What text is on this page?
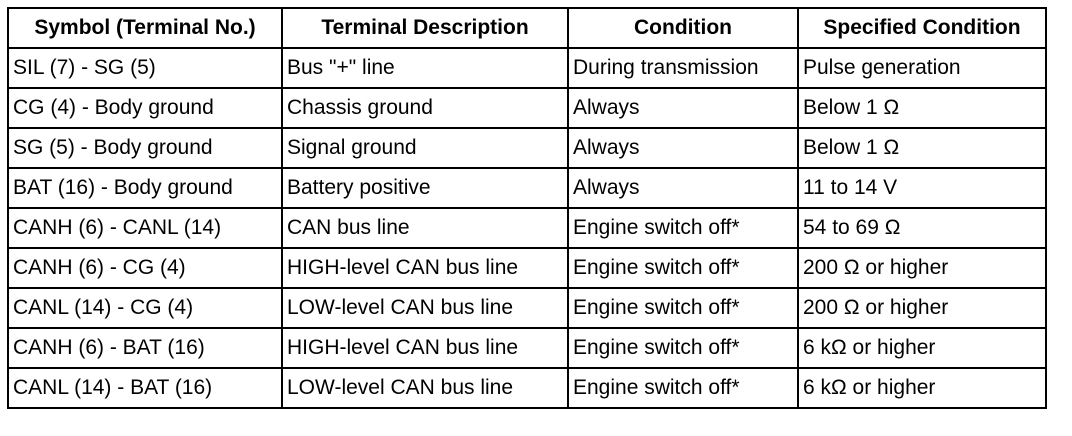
Symbol (Terminal No.)	Terminal Description	Condition	Specified Condition
SIL (7) - SG (5)	Bus "+" line	During transmission	Pulse generation
CG (4) - Body ground	Chassis ground	Always	Below 1 Ω
SG (5) - Body ground	Signal ground	Always	Below 1 Ω
BAT (16) - Body ground	Battery positive	Always	11 to 14 V
CANH (6) - CANL (14)	CAN bus line	Engine switch off*	54 to 69 Ω
CANH (6) - CG (4)	HIGH-level CAN bus line	Engine switch off*	200 Ω or higher
CANL (14) - CG (4)	LOW-level CAN bus line	Engine switch off*	200 Ω or higher
CANH (6) - BAT (16)	HIGH-level CAN bus line	Engine switch off*	6 kΩ or higher
CANL (14) - BAT (16)	LOW-level CAN bus line	Engine switch off*	6 kΩ or higher
